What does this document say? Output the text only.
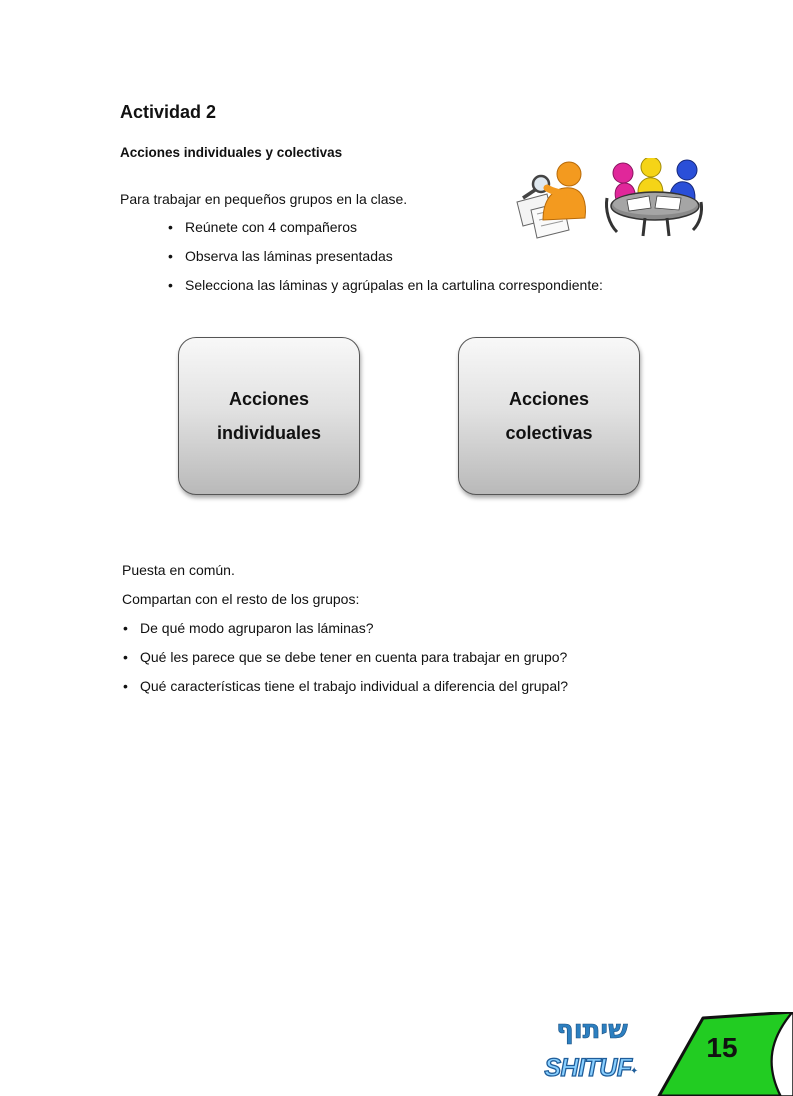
Actividad 2
Acciones individuales y colectivas
Para trabajar en pequeños grupos en la clase.
• Reúnete con 4 compañeros
• Observa las láminas presentadas
• Selecciona las láminas y agrúpalas en la cartulina correspondiente:
Acciones
individuales
Acciones
colectivas
Puesta en común.
Compartan con el resto de los grupos:
• De qué modo agruparon las láminas?
• Qué les parece que se debe tener en cuenta para trabajar en grupo?
• Qué características tiene el trabajo individual a diferencia del grupal?
שיתוף
SHITUF
✦
15
